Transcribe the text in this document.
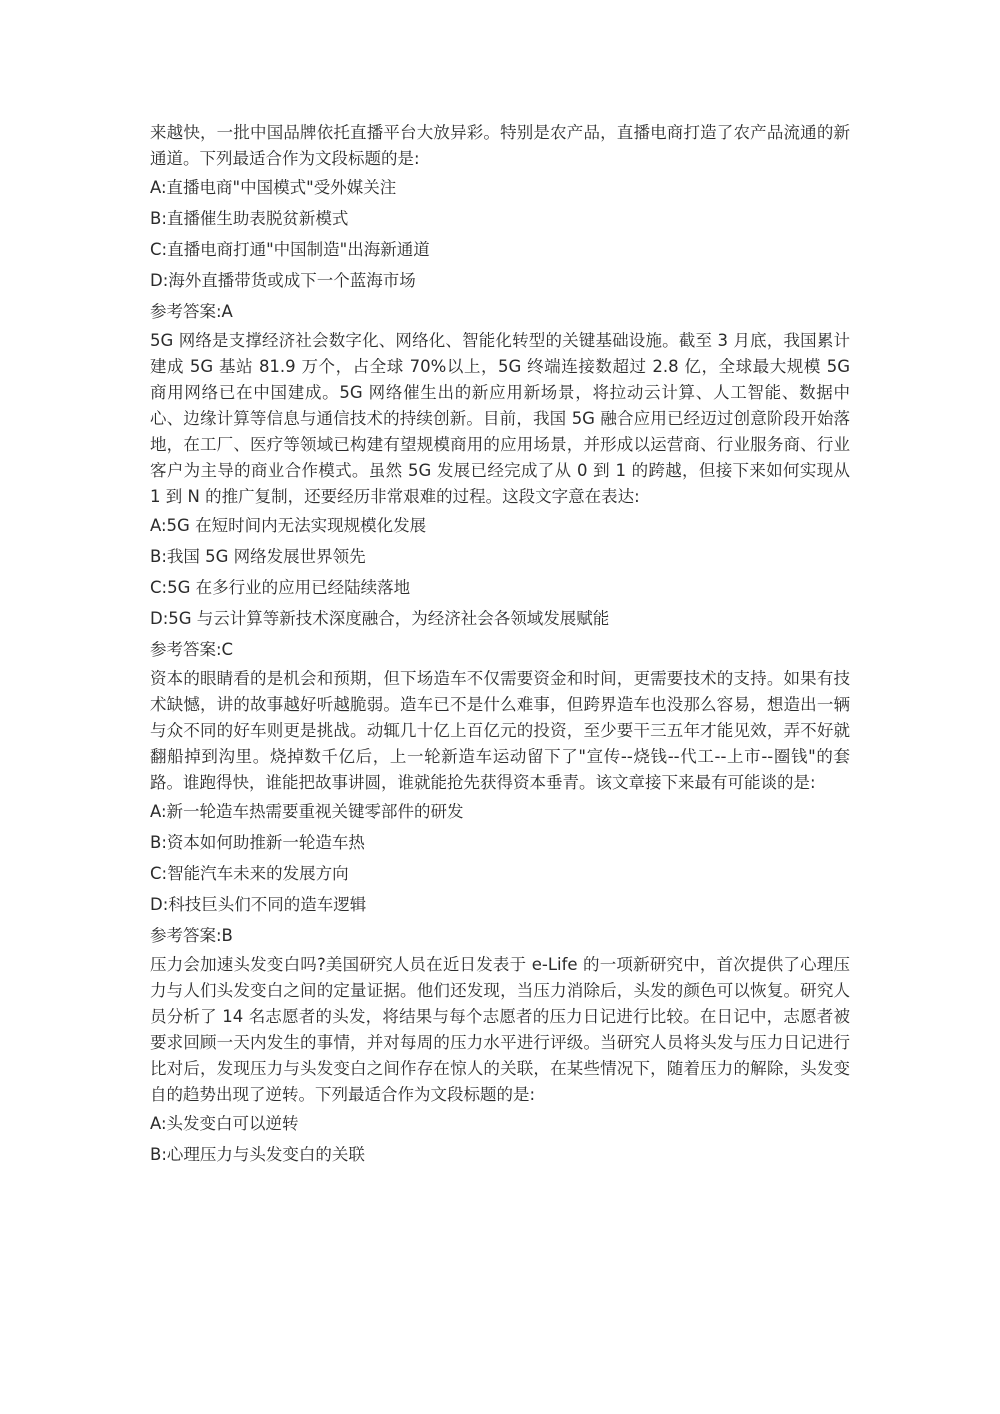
来越快，一批中国品牌依托直播平台大放异彩。特别是农产品，直播电商打造了农产品流通的新通道。下列最适合作为文段标题的是:

A:直播电商"中国模式"受外媒关注

B:直播催生助表脱贫新模式

C:直播电商打通"中国制造"出海新通道

D:海外直播带货或成下一个蓝海市场

参考答案:A

5G 网络是支撑经济社会数字化、网络化、智能化转型的关键基础设施。截至 3 月底，我国累计建成 5G 基站 81.9 万个，占全球 70%以上，5G 终端连接数超过 2.8 亿，全球最大规模 5G 商用网络已在中国建成。5G 网络催生出的新应用新场景，将拉动云计算、人工智能、数据中心、边缘计算等信息与通信技术的持续创新。目前，我国 5G 融合应用已经迈过创意阶段开始落地，在工厂、医疗等领域已构建有望规模商用的应用场景，并形成以运营商、行业服务商、行业客户为主导的商业合作模式。虽然 5G 发展已经完成了从 0 到 1 的跨越，但接下来如何实现从 1 到 N 的推广复制，还要经历非常艰难的过程。这段文字意在表达:

A:5G 在短时间内无法实现规模化发展

B:我国 5G 网络发展世界领先

C:5G 在多行业的应用已经陆续落地

D:5G 与云计算等新技术深度融合，为经济社会各领域发展赋能

参考答案:C

资本的眼睛看的是机会和预期，但下场造车不仅需要资金和时间，更需要技术的支持。如果有技术缺憾，讲的故事越好听越脆弱。造车已不是什么难事，但跨界造车也没那么容易，想造出一辆与众不同的好车则更是挑战。动辄几十亿上百亿元的投资，至少要干三五年才能见效，弄不好就翻船掉到沟里。烧掉数千亿后，上一轮新造车运动留下了"宣传--烧钱--代工--上市--圈钱"的套路。谁跑得快，谁能把故事讲圆，谁就能抢先获得资本垂青。该文章接下来最有可能谈的是:

A:新一轮造车热需要重视关键零部件的研发

B:资本如何助推新一轮造车热

C:智能汽车未来的发展方向

D:科技巨头们不同的造车逻辑

参考答案:B

压力会加速头发变白吗?美国研究人员在近日发表于 e-Life 的一项新研究中，首次提供了心理压力与人们头发变白之间的定量证据。他们还发现，当压力消除后，头发的颜色可以恢复。研究人员分析了 14 名志愿者的头发，将结果与每个志愿者的压力日记进行比较。在日记中，志愿者被要求回顾一天内发生的事情，并对每周的压力水平进行评级。当研究人员将头发与压力日记进行比对后，发现压力与头发变白之间作存在惊人的关联，在某些情况下，随着压力的解除，头发变自的趋势出现了逆转。下列最适合作为文段标题的是:

A:头发变白可以逆转

B:心理压力与头发变白的关联
